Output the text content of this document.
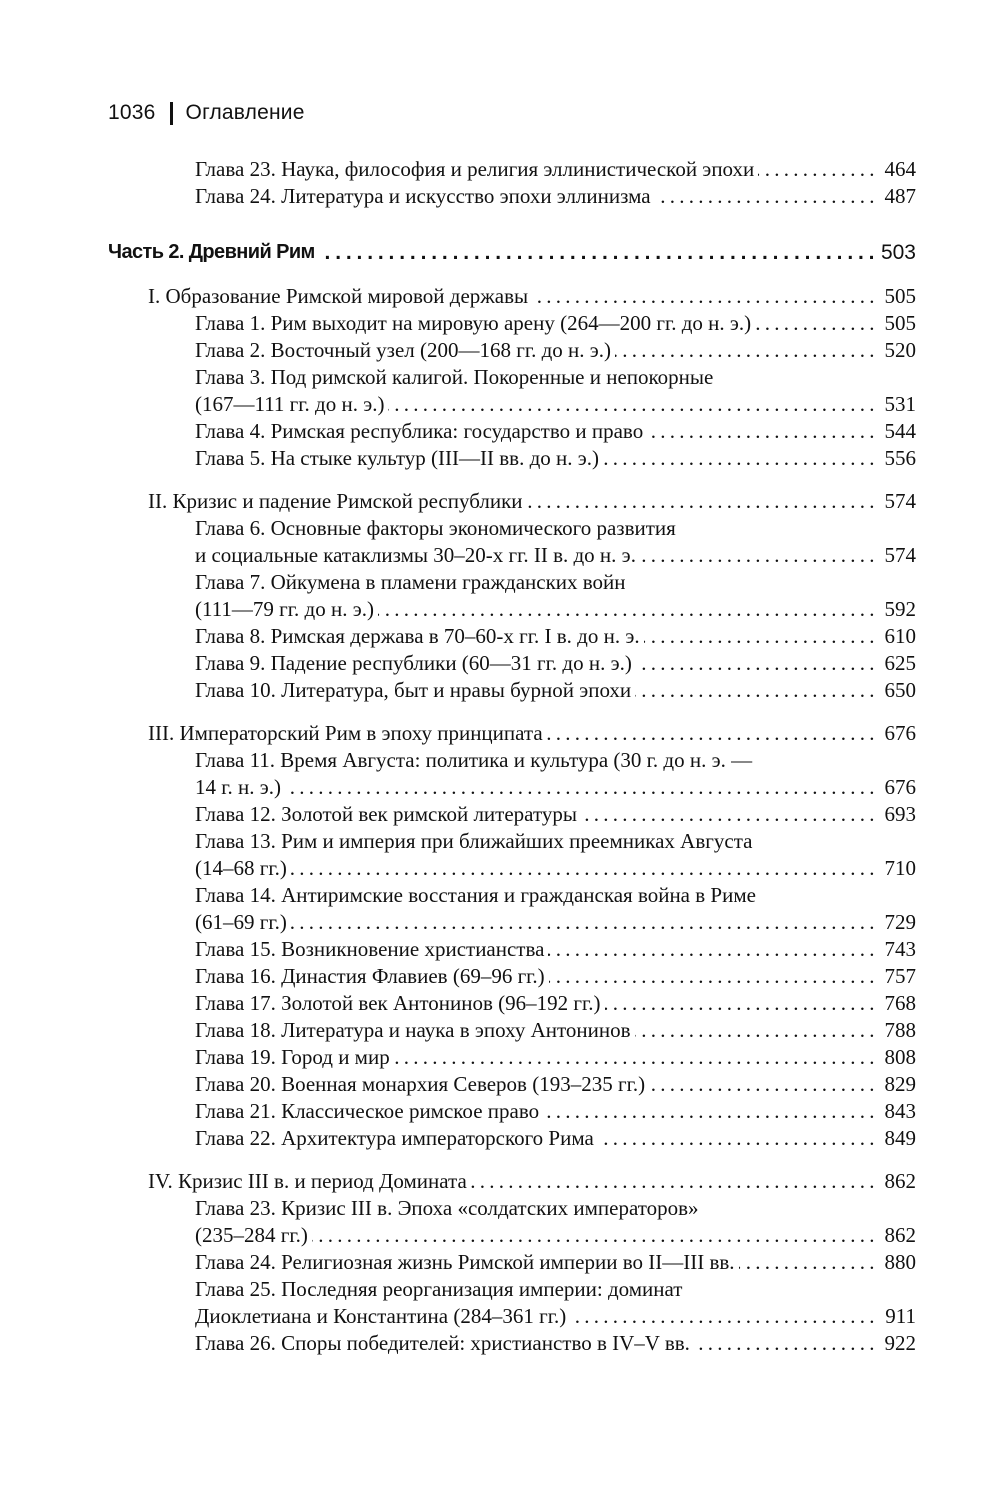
1036 Оглавление
Глава 23. Наука, философия и религия эллинистической эпохи . . .	464
Глава 24. Литература и искусство эпохи эллинизма . . .	487
Часть 2. Древний Рим . . .	503
I. Образование Римской мировой державы . . .	505
Глава 1. Рим выходит на мировую арену (264—200 гг. до н. э.) . . .	505
Глава 2. Восточный узел (200—168 гг. до н. э.) . . .	520
Глава 3. Под римской калигой. Покоренные и непокорные
(167—111 гг. до н. э.) . . .	531
Глава 4. Римская республика: государство и право . . .	544
Глава 5. На стыке культур (III—II вв. до н. э.) . . .	556
II. Кризис и падение Римской республики . . .	574
Глава 6. Основные факторы экономического развития
и социальные катаклизмы 30–20-х гг. II в. до н. э. . . .	574
Глава 7. Ойкумена в пламени гражданских войн
(111—79 гг. до н. э.) . . .	592
Глава 8. Римская держава в 70–60-х гг. I в. до н. э. . . .	610
Глава 9. Падение республики (60—31 гг. до н. э.) . . .	625
Глава 10. Литература, быт и нравы бурной эпохи . . .	650
III. Императорский Рим в эпоху принципата . . .	676
Глава 11. Время Августа: политика и культура (30 г. до н. э. —
14 г. н. э.) . . .	676
Глава 12. Золотой век римской литературы . . .	693
Глава 13. Рим и империя при ближайших преемниках Августа
(14–68 гг.) . . .	710
Глава 14. Антиримские восстания и гражданская война в Риме
(61–69 гг.) . . .	729
Глава 15. Возникновение христианства . . .	743
Глава 16. Династия Флавиев (69–96 гг.) . . .	757
Глава 17. Золотой век Антонинов (96–192 гг.) . . .	768
Глава 18. Литература и наука в эпоху Антонинов . . .	788
Глава 19. Город и мир . . .	808
Глава 20. Военная монархия Северов (193–235 гг.) . . .	829
Глава 21. Классическое римское право . . .	843
Глава 22. Архитектура императорского Рима . . .	849
IV. Кризис III в. и период Домината . . .	862
Глава 23. Кризис III в. Эпоха «солдатских императоров»
(235–284 гг.) . . .	862
Глава 24. Религиозная жизнь Римской империи во II—III вв. . . .	880
Глава 25. Последняя реорганизация империи: доминат
Диоклетиана и Константина (284–361 гг.) . . .	911
Глава 26. Споры победителей: христианство в IV–V вв. . . .	922
